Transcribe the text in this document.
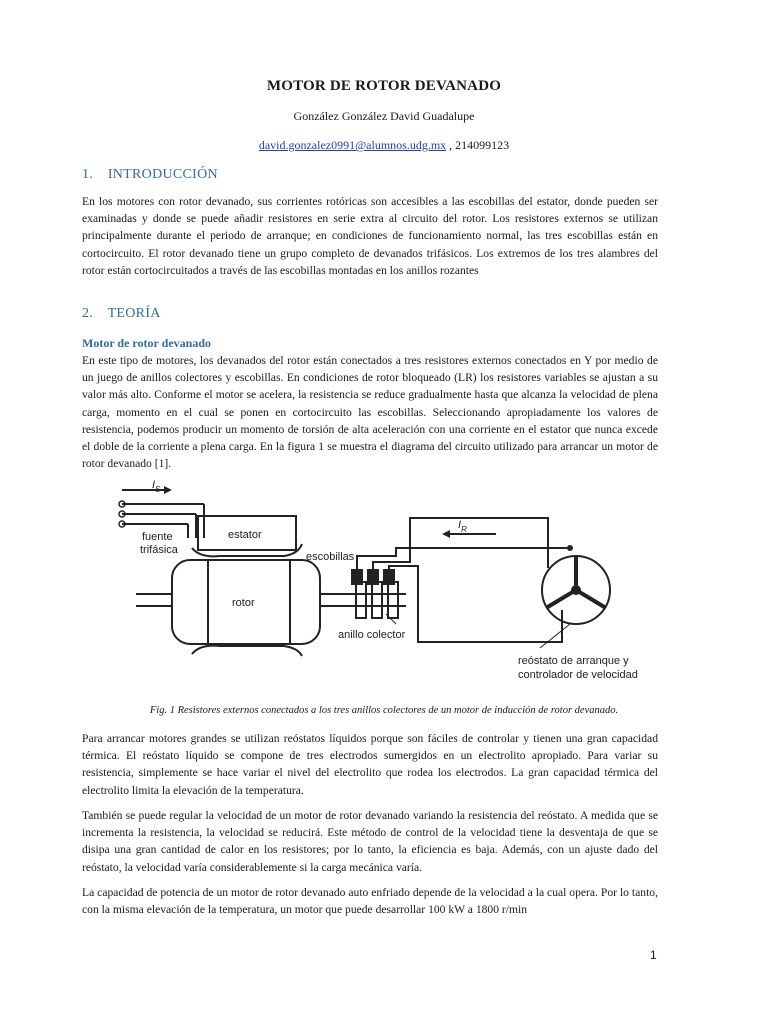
MOTOR DE ROTOR DEVANADO
González González David Guadalupe
david.gonzalez0991@alumnos.udg.mx , 214099123
1. INTRODUCCIÓN

En los motores con rotor devanado, sus corrientes rotóricas son accesibles a las escobillas del estator, donde pueden ser examinadas y donde se puede añadir resistores en serie extra al circuito del rotor. Los resistores externos se utilizan principalmente durante el periodo de arranque; en condiciones de funcionamiento normal, las tres escobillas están en cortocircuito. El rotor devanado tiene un grupo completo de devanados trifásicos. Los extremos de los tres alambres del rotor están cortocircuitados a través de las escobillas montadas en los anillos rozantes

2. TEORÍA
Motor de rotor devanado

En este tipo de motores, los devanados del rotor están conectados a tres resistores externos conectados en Y por medio de un juego de anillos colectores y escobillas. En condiciones de rotor bloqueado (LR) los resistores variables se ajustan a su valor más alto. Conforme el motor se acelera, la resistencia se reduce gradualmente hasta que alcanza la velocidad de plena carga, momento en el cual se ponen en cortocircuito las escobillas. Seleccionando apropiadamente los valores de resistencia, podemos producir un momento de torsión de alta aceleración con una corriente en el estator que nunca excede el doble de la corriente a plena carga. En la figura 1 se muestra el diagrama del circuito utilizado para arrancar un motor de rotor devanado [1].

$I_S$
$I_R$
fuente
trifásica
estator
rotor
escobillas
anillo colector
reóstato de arranque y
controlador de velocidad
Fig. 1 Resistores externos conectados a los tres anillos colectores de un motor de inducción de rotor devanado.

Para arrancar motores grandes se utilizan reóstatos líquidos porque son fáciles de controlar y tienen una gran capacidad térmica. El reóstato líquido se compone de tres electrodos sumergidos en un electrolito apropiado. Para variar su resistencia, simplemente se hace variar el nivel del electrolito que rodea los electrodos. La gran capacidad térmica del electrolito limita la elevación de la temperatura.

También se puede regular la velocidad de un motor de rotor devanado variando la resistencia del reóstato. A medida que se incrementa la resistencia, la velocidad se reducirá. Este método de control de la velocidad tiene la desventaja de que se disipa una gran cantidad de calor en los resistores; por lo tanto, la eficiencia es baja. Además, con un ajuste dado del reóstato, la velocidad varía considerablemente si la carga mecánica varía.

La capacidad de potencia de un motor de rotor devanado auto enfriado depende de la velocidad a la cual opera. Por lo tanto, con la misma elevación de la temperatura, un motor que puede desarrollar 100 kW a 1800 r/min

1
